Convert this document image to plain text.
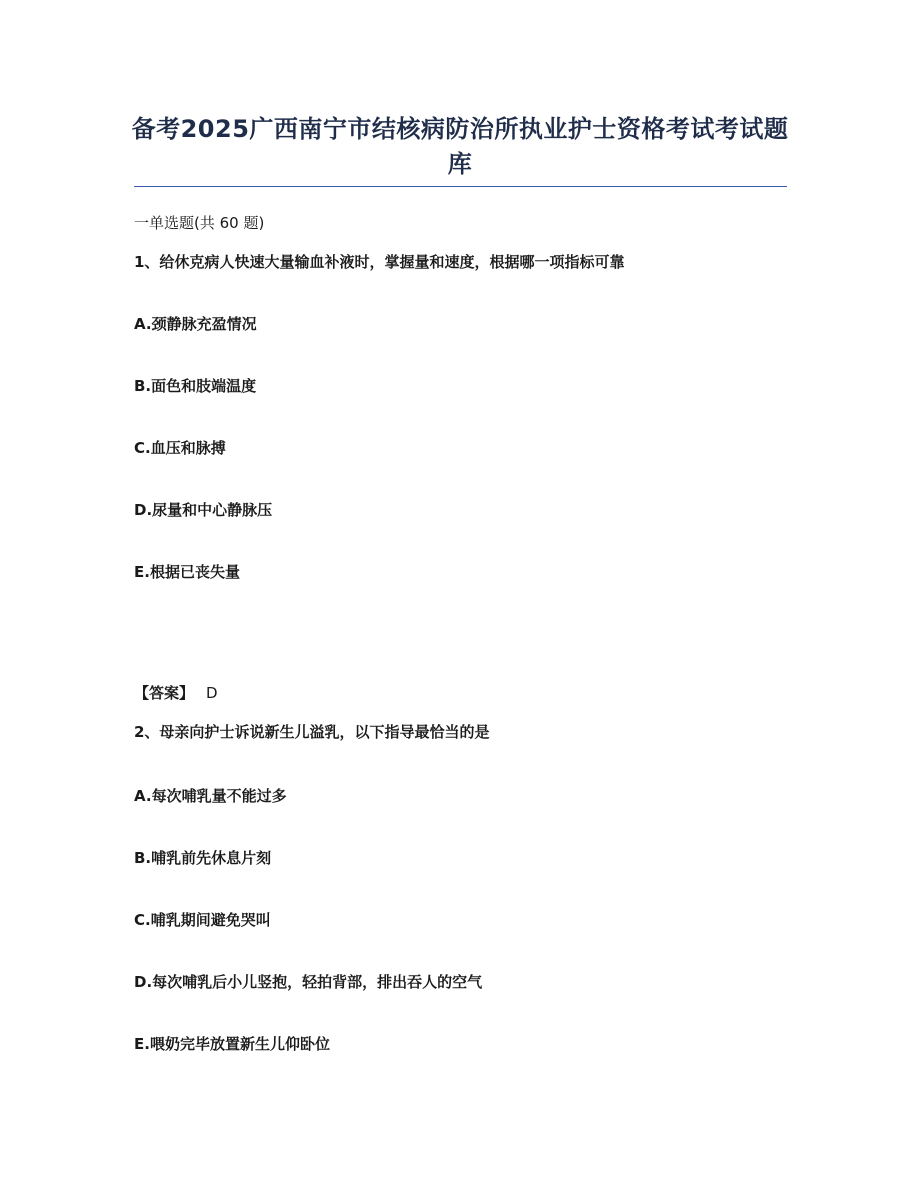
备考2025广西南宁市结核病防治所执业护士资格考试考试题库
一单选题(共 60 题)
1、给休克病人快速大量输血补液时，掌握量和速度，根据哪一项指标可靠
A.颈静脉充盈情况
B.面色和肢端温度
C.血压和脉搏
D.尿量和中心静脉压
E.根据已丧失量
【答案】 D
2、母亲向护士诉说新生儿溢乳，以下指导最恰当的是
A.每次哺乳量不能过多
B.哺乳前先休息片刻
C.哺乳期间避免哭叫
D.每次哺乳后小儿竖抱，轻拍背部，排出吞人的空气
E.喂奶完毕放置新生儿仰卧位
